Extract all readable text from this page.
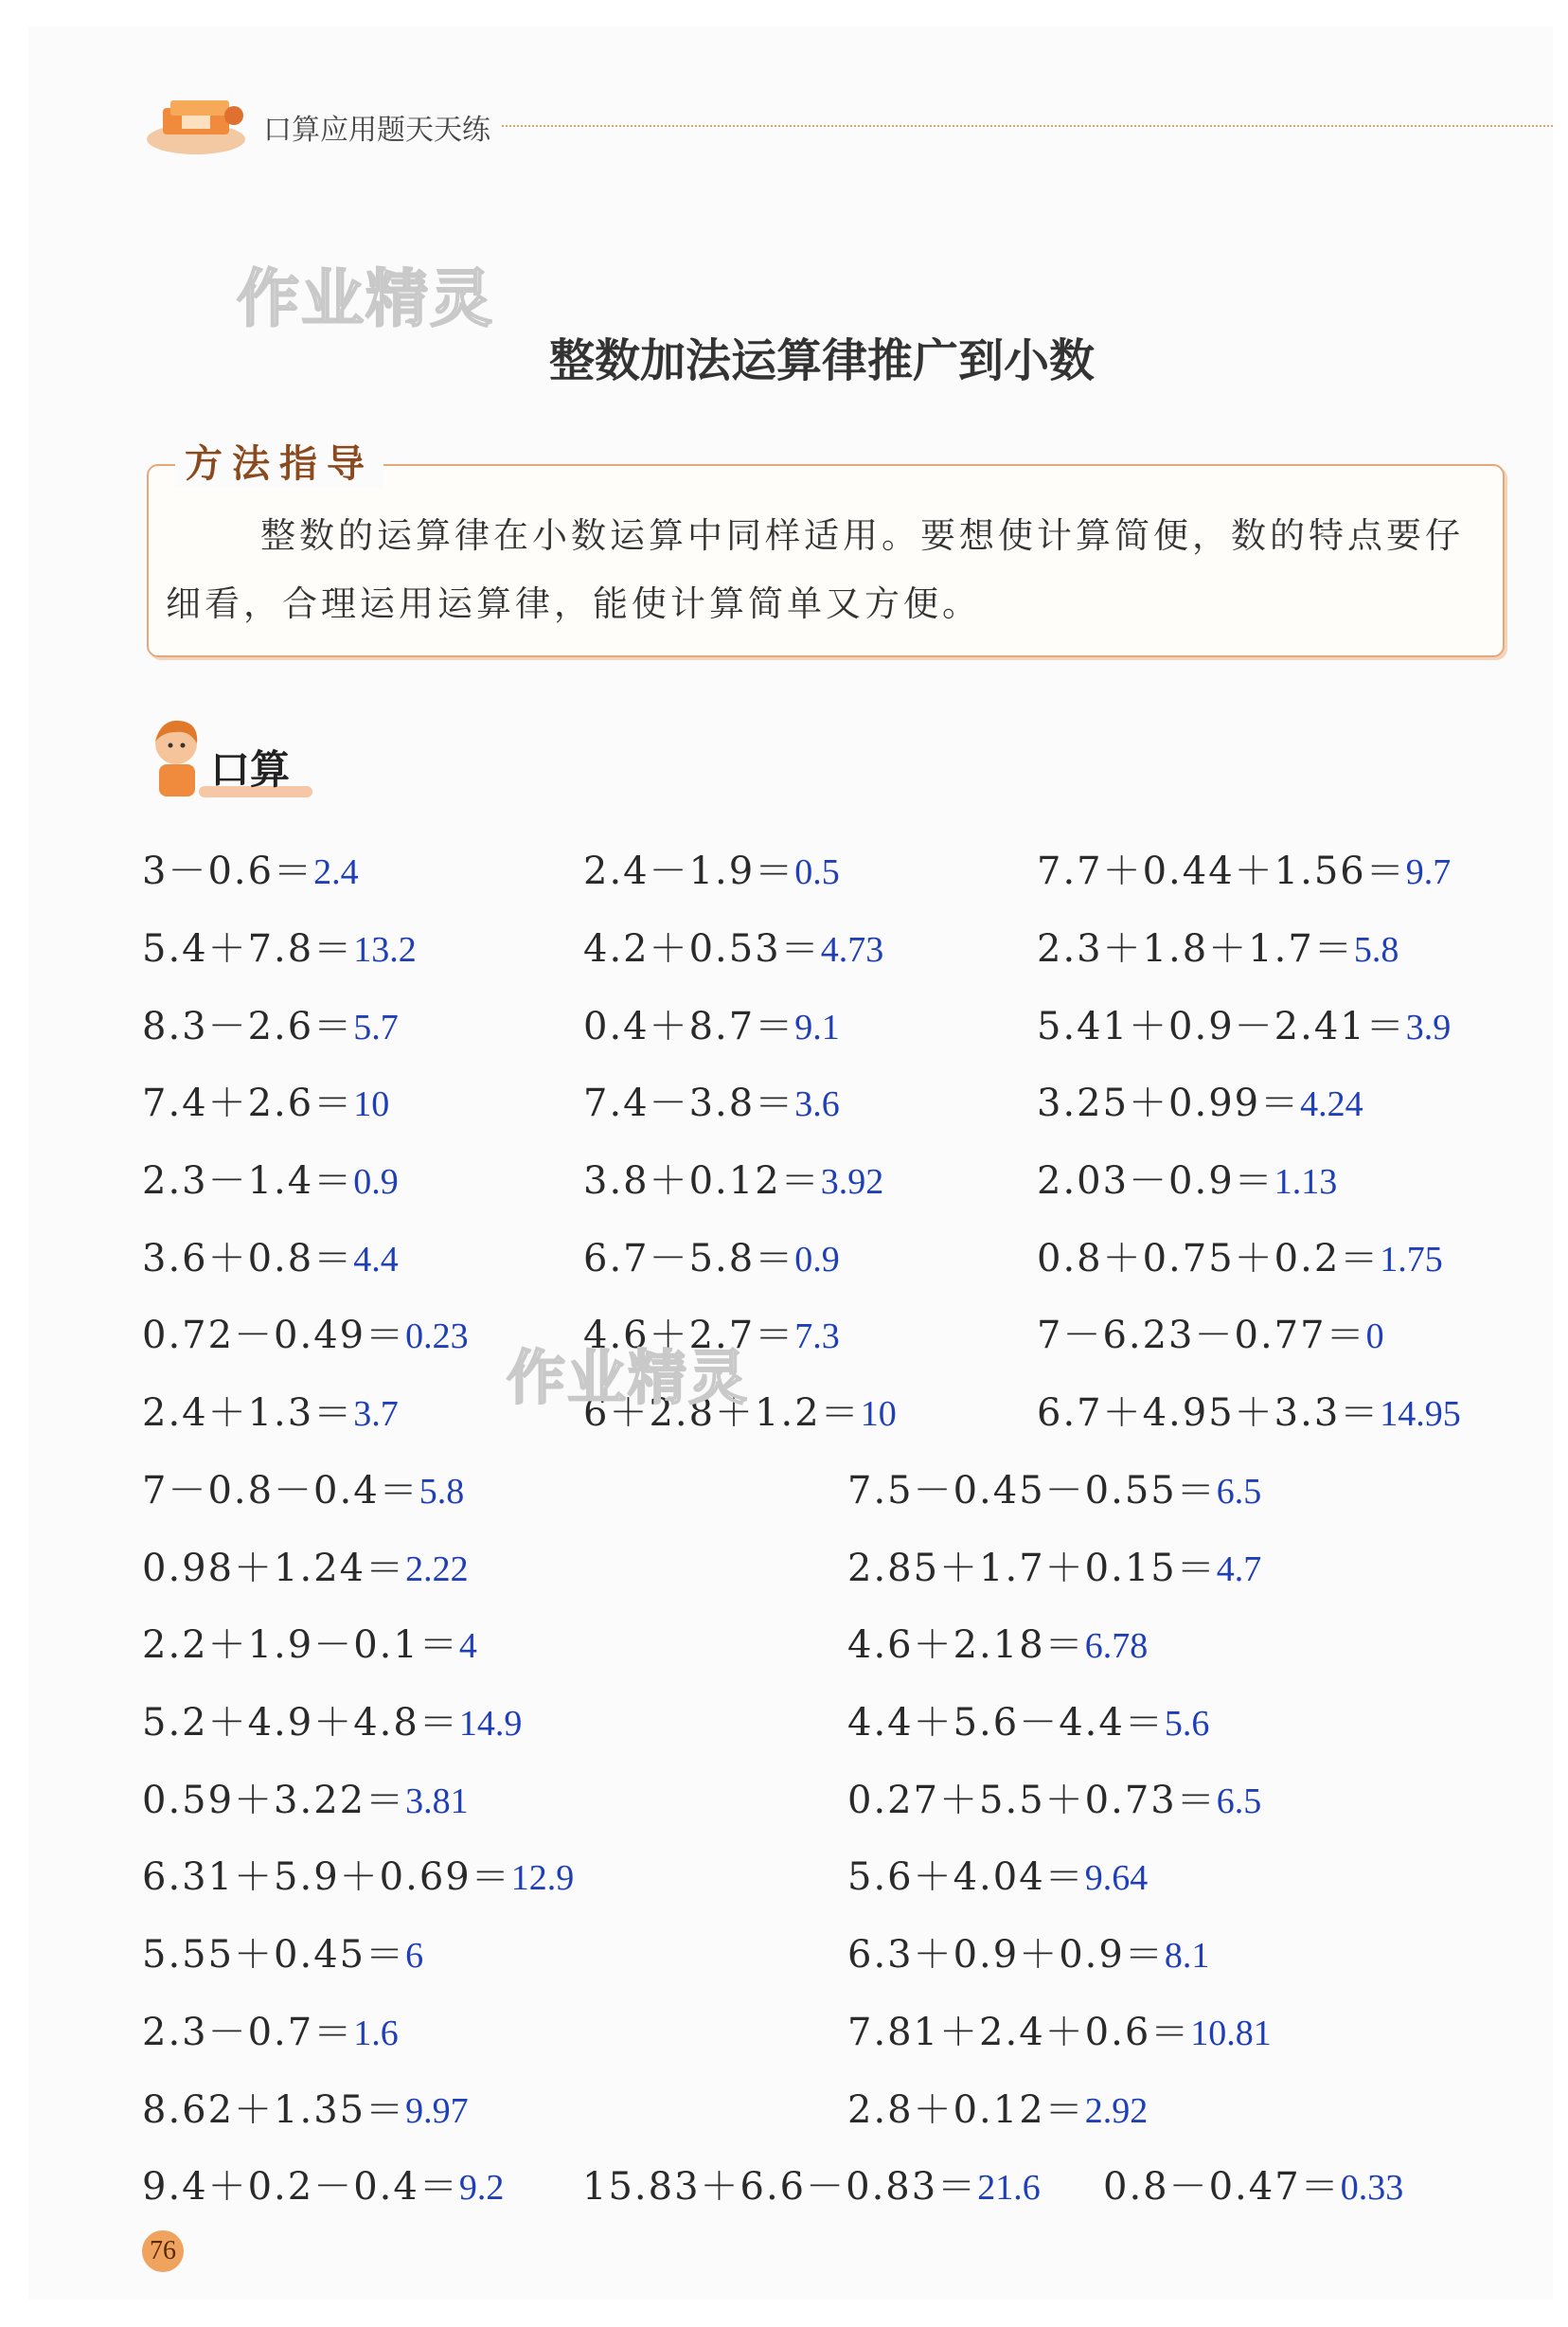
口算应用题天天练
作业精灵
整数加法运算律推广到小数
方法指导
整数的运算律在小数运算中同样适用。要想使计算简便，数的特点要仔细看，合理运用运算律，能使计算简单又方便。
口算
3－0.6＝2.4	2.4－1.9＝0.5	7.7＋0.44＋1.56＝9.7
5.4＋7.8＝13.2	4.2＋0.53＝4.73	2.3＋1.8＋1.7＝5.8
8.3－2.6＝5.7	0.4＋8.7＝9.1	5.41＋0.9－2.41＝3.9
7.4＋2.6＝10	7.4－3.8＝3.6	3.25＋0.99＝4.24
2.3－1.4＝0.9	3.8＋0.12＝3.92	2.03－0.9＝1.13
3.6＋0.8＝4.4	6.7－5.8＝0.9	0.8＋0.75＋0.2＝1.75
0.72－0.49＝0.23	4.6＋2.7＝7.3	7－6.23－0.77＝0
2.4＋1.3＝3.7	6＋2.8＋1.2＝10	6.7＋4.95＋3.3＝14.95
7－0.8－0.4＝5.8	7.5－0.45－0.55＝6.5
0.98＋1.24＝2.22	2.85＋1.7＋0.15＝4.7
2.2＋1.9－0.1＝4	4.6＋2.18＝6.78
5.2＋4.9＋4.8＝14.9	4.4＋5.6－4.4＝5.6
0.59＋3.22＝3.81	0.27＋5.5＋0.73＝6.5
6.31＋5.9＋0.69＝12.9	5.6＋4.04＝9.64
5.55＋0.45＝6	6.3＋0.9＋0.9＝8.1
2.3－0.7＝1.6	7.81＋2.4＋0.6＝10.81
8.62＋1.35＝9.97	2.8＋0.12＝2.92
9.4＋0.2－0.4＝9.2 15.83＋6.6－0.83＝21.6 0.8－0.47＝0.33
作业精灵
76
